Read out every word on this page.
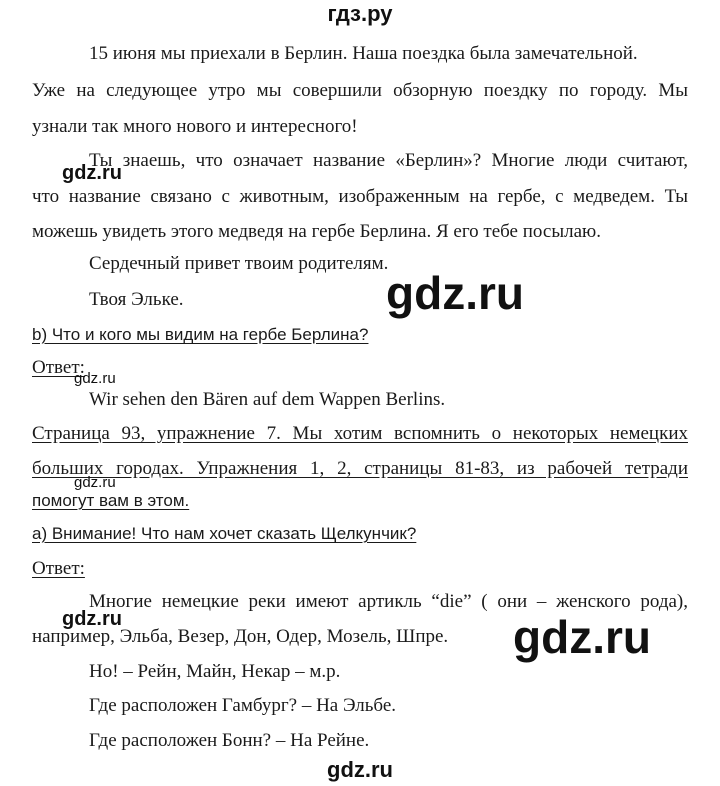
гдз.ру
15 июня мы приехали в Берлин. Наша поездка была замечательной.
Уже на следующее утро мы совершили обзорную поездку по городу. Мы
узнали так много нового и интересного!
Ты знаешь, что означает название «Берлин»? Многие люди считают,
что название связано с животным, изображенным на гербе, с медведем. Ты
можешь увидеть этого медведя на гербе Берлина. Я его тебе посылаю.
Сердечный привет твоим родителям.
Твоя Эльке.
b) Что и кого мы видим на гербе Берлина?
Ответ:
Wir sehen den Bären auf dem Wappen Berlins.
Страница 93, упражнение 7. Мы хотим вспомнить о некоторых немецких
больших городах. Упражнения 1, 2, страницы 81-83, из рабочей тетради
помогут вам в этом.
a) Внимание! Что нам хочет сказать Щелкунчик?
Ответ:
Многие немецкие реки имеют артикль “die” ( они – женского рода),
например, Эльба, Везер, Дон, Одер, Мозель, Шпре.
Но! – Рейн, Майн, Некар – м.р.
Где расположен Гамбург? – На Эльбе.
Где расположен Бонн? – На Рейне.
gdz.ru
gdz.ru
gdz.ru
gdz.ru
gdz.ru	gdz.ru
gdz.ru
